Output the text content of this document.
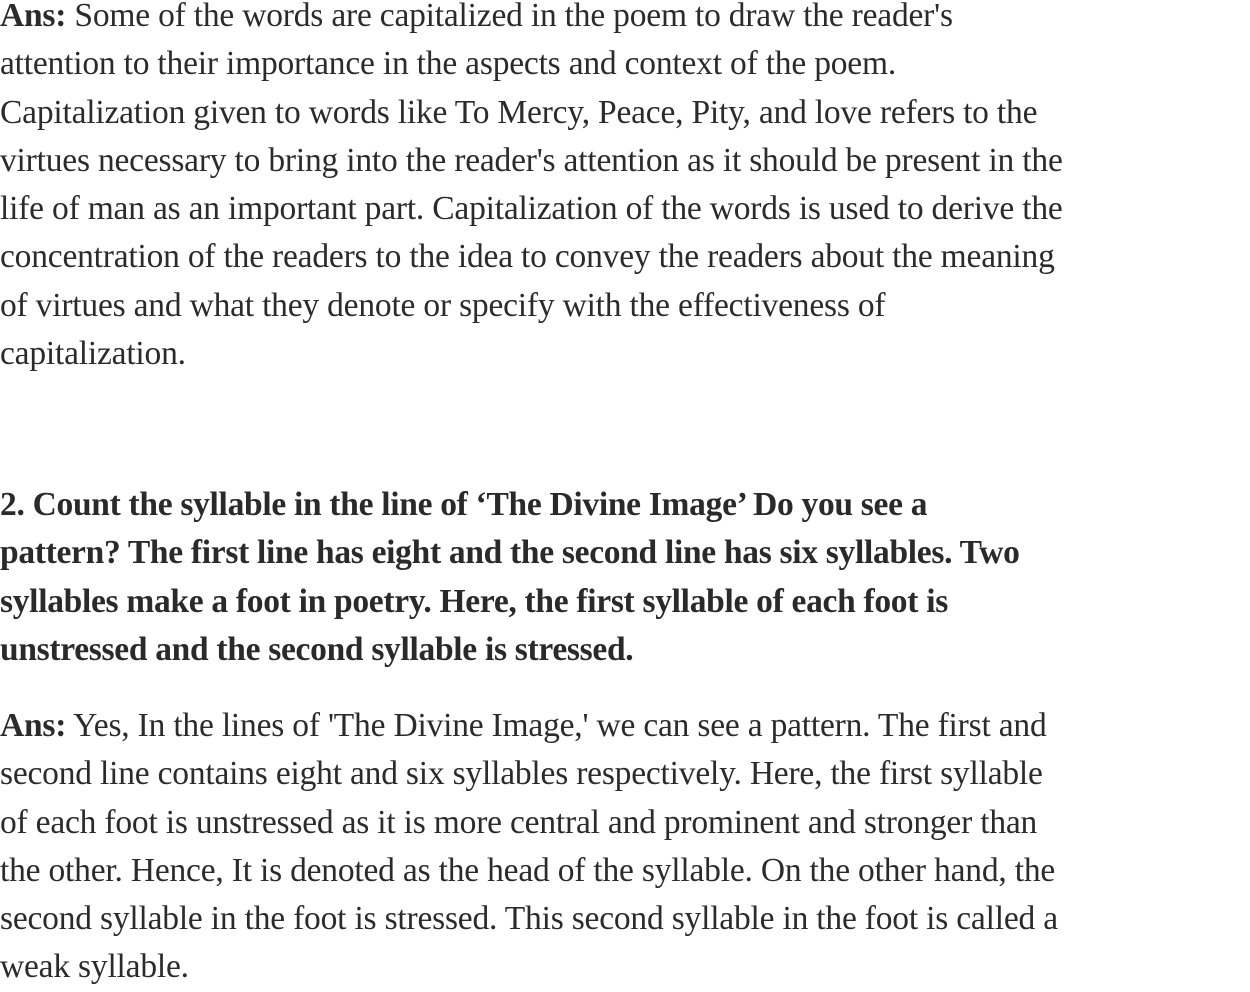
Ans: Some of the words are capitalized in the poem to draw the reader's
attention to their importance in the aspects and context of the poem.
Capitalization given to words like To Mercy, Peace, Pity, and love refers to the
virtues necessary to bring into the reader's attention as it should be present in the
life of man as an important part. Capitalization of the words is used to derive the
concentration of the readers to the idea to convey the readers about the meaning
of virtues and what they denote or specify with the effectiveness of
capitalization.
2. Count the syllable in the line of ‘The Divine Image’ Do you see a
pattern? The first line has eight and the second line has six syllables. Two
syllables make a foot in poetry. Here, the first syllable of each foot is
unstressed and the second syllable is stressed.
Ans: Yes, In the lines of 'The Divine Image,' we can see a pattern. The first and
second line contains eight and six syllables respectively. Here, the first syllable
of each foot is unstressed as it is more central and prominent and stronger than
the other. Hence, It is denoted as the head of the syllable. On the other hand, the
second syllable in the foot is stressed. This second syllable in the foot is called a
weak syllable.
